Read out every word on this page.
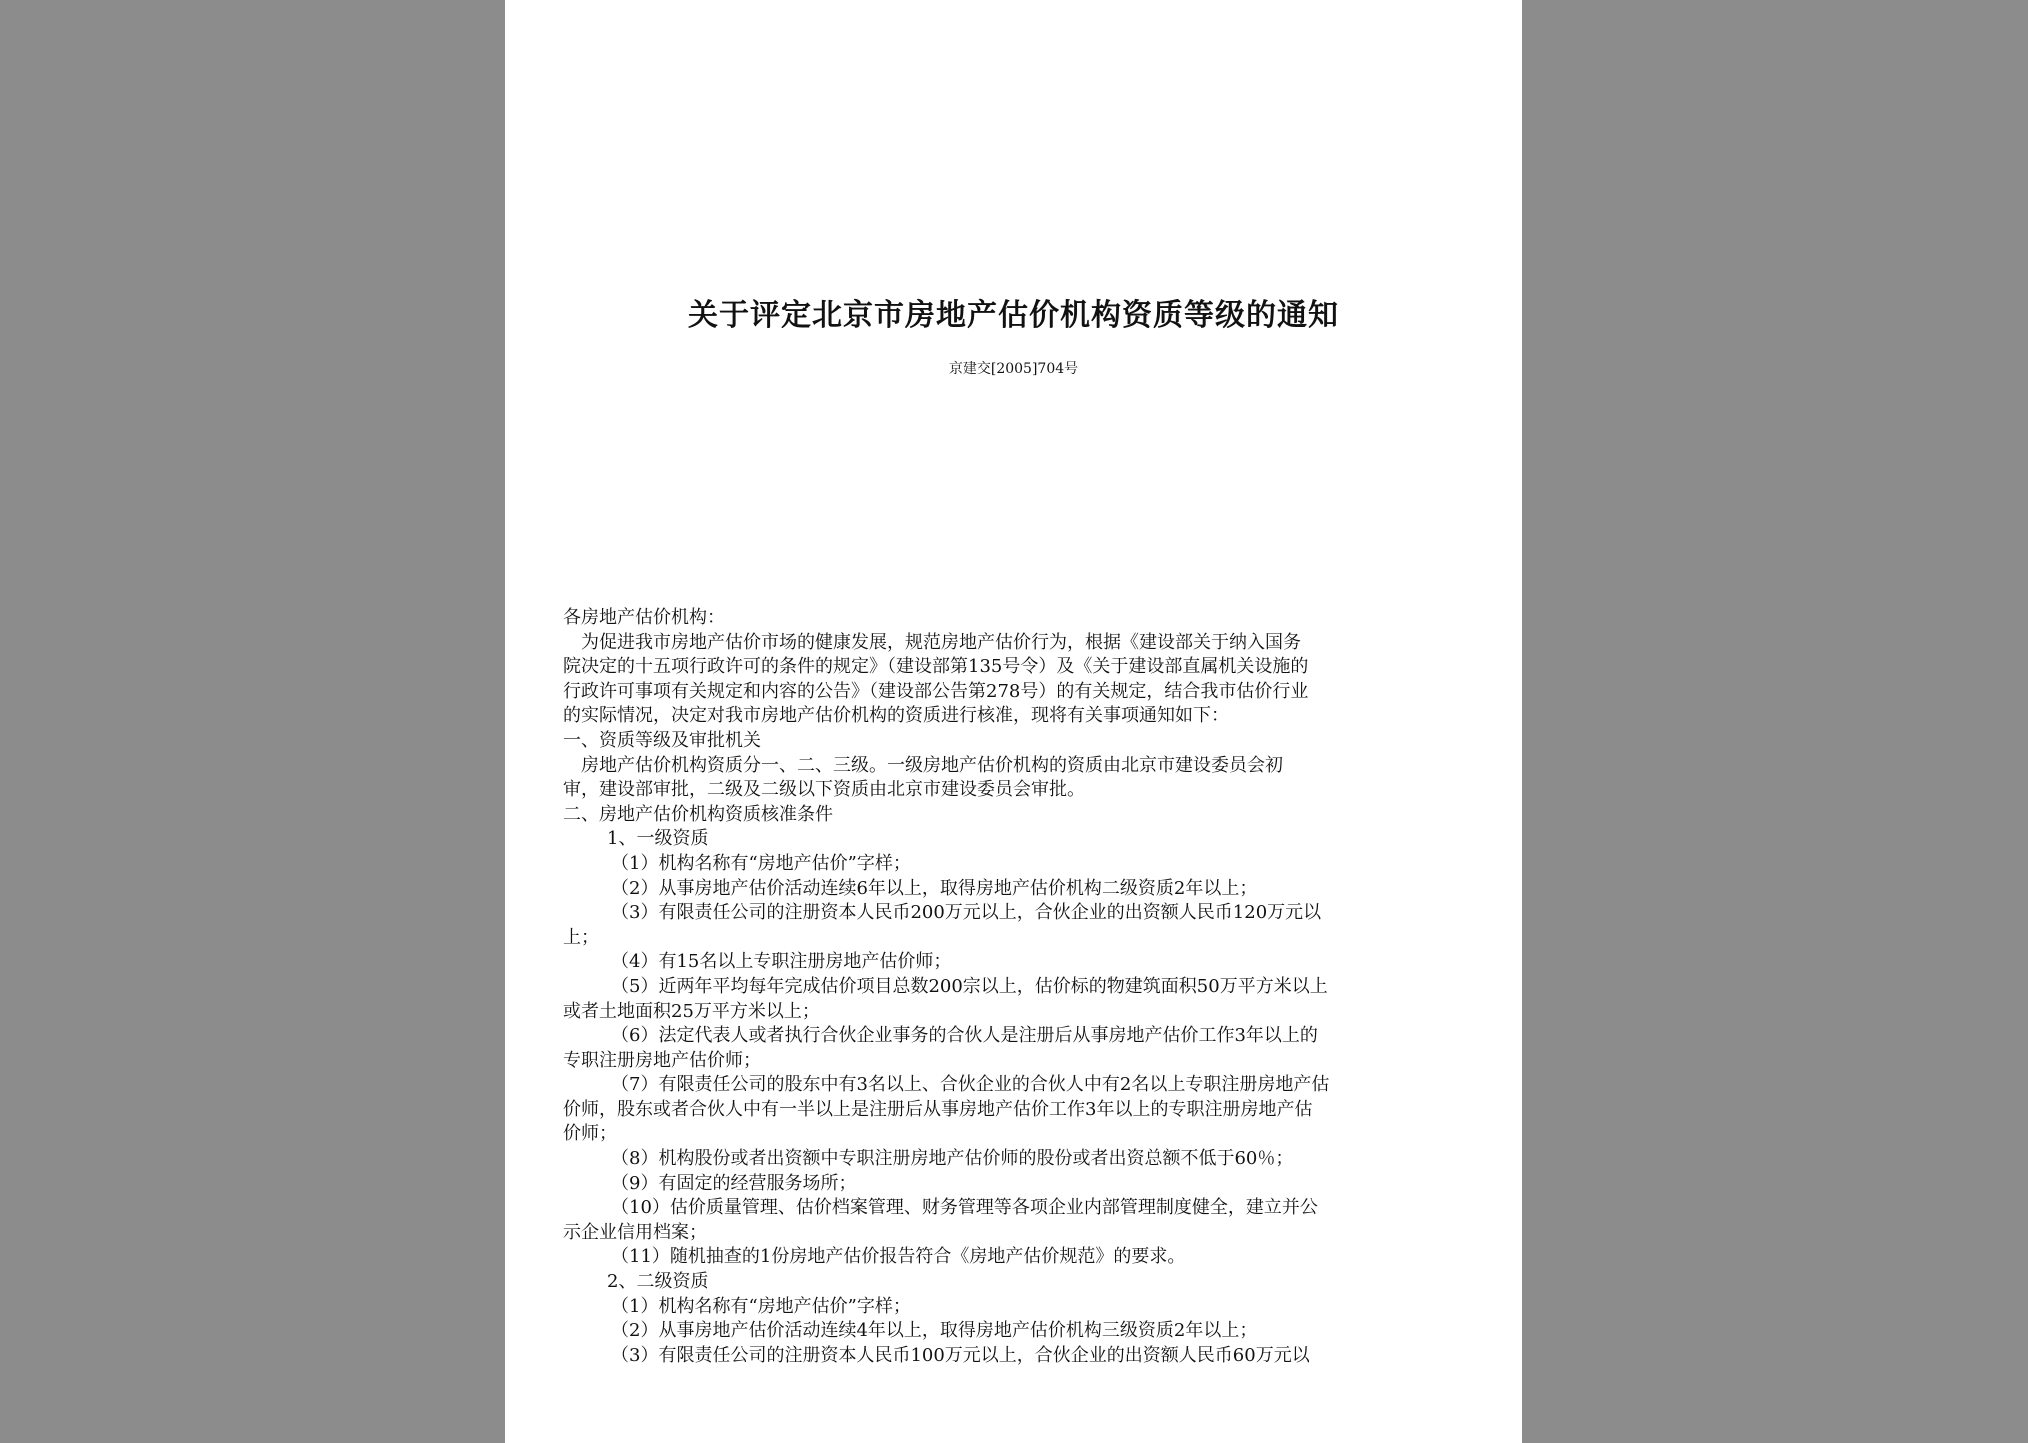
关于评定北京市房地产估价机构资质等级的通知
京建交[2005]704号
各房地产估价机构：
为促进我市房地产估价市场的健康发展，规范房地产估价行为，根据《建设部关于纳入国务
院决定的十五项行政许可的条件的规定》（建设部第135号令）及《关于建设部直属机关设施的
行政许可事项有关规定和内容的公告》（建设部公告第278号）的有关规定，结合我市估价行业
的实际情况，决定对我市房地产估价机构的资质进行核准，现将有关事项通知如下：
一、资质等级及审批机关
房地产估价机构资质分一、二、三级。一级房地产估价机构的资质由北京市建设委员会初
审，建设部审批，二级及二级以下资质由北京市建设委员会审批。
二、房地产估价机构资质核准条件
1、一级资质
（1）机构名称有“房地产估价”字样；
（2）从事房地产估价活动连续6年以上，取得房地产估价机构二级资质2年以上；
（3）有限责任公司的注册资本人民币200万元以上，合伙企业的出资额人民币120万元以
上；
（4）有15名以上专职注册房地产估价师；
（5）近两年平均每年完成估价项目总数200宗以上，估价标的物建筑面积50万平方米以上
或者土地面积25万平方米以上；
（6）法定代表人或者执行合伙企业事务的合伙人是注册后从事房地产估价工作3年以上的
专职注册房地产估价师；
（7）有限责任公司的股东中有3名以上、合伙企业的合伙人中有2名以上专职注册房地产估
价师，股东或者合伙人中有一半以上是注册后从事房地产估价工作3年以上的专职注册房地产估
价师；
（8）机构股份或者出资额中专职注册房地产估价师的股份或者出资总额不低于60％；
（9）有固定的经营服务场所；
（10）估价质量管理、估价档案管理、财务管理等各项企业内部管理制度健全，建立并公
示企业信用档案；
（11）随机抽查的1份房地产估价报告符合《房地产估价规范》的要求。
2、二级资质
（1）机构名称有“房地产估价”字样；
（2）从事房地产估价活动连续4年以上，取得房地产估价机构三级资质2年以上；
（3）有限责任公司的注册资本人民币100万元以上，合伙企业的出资额人民币60万元以
